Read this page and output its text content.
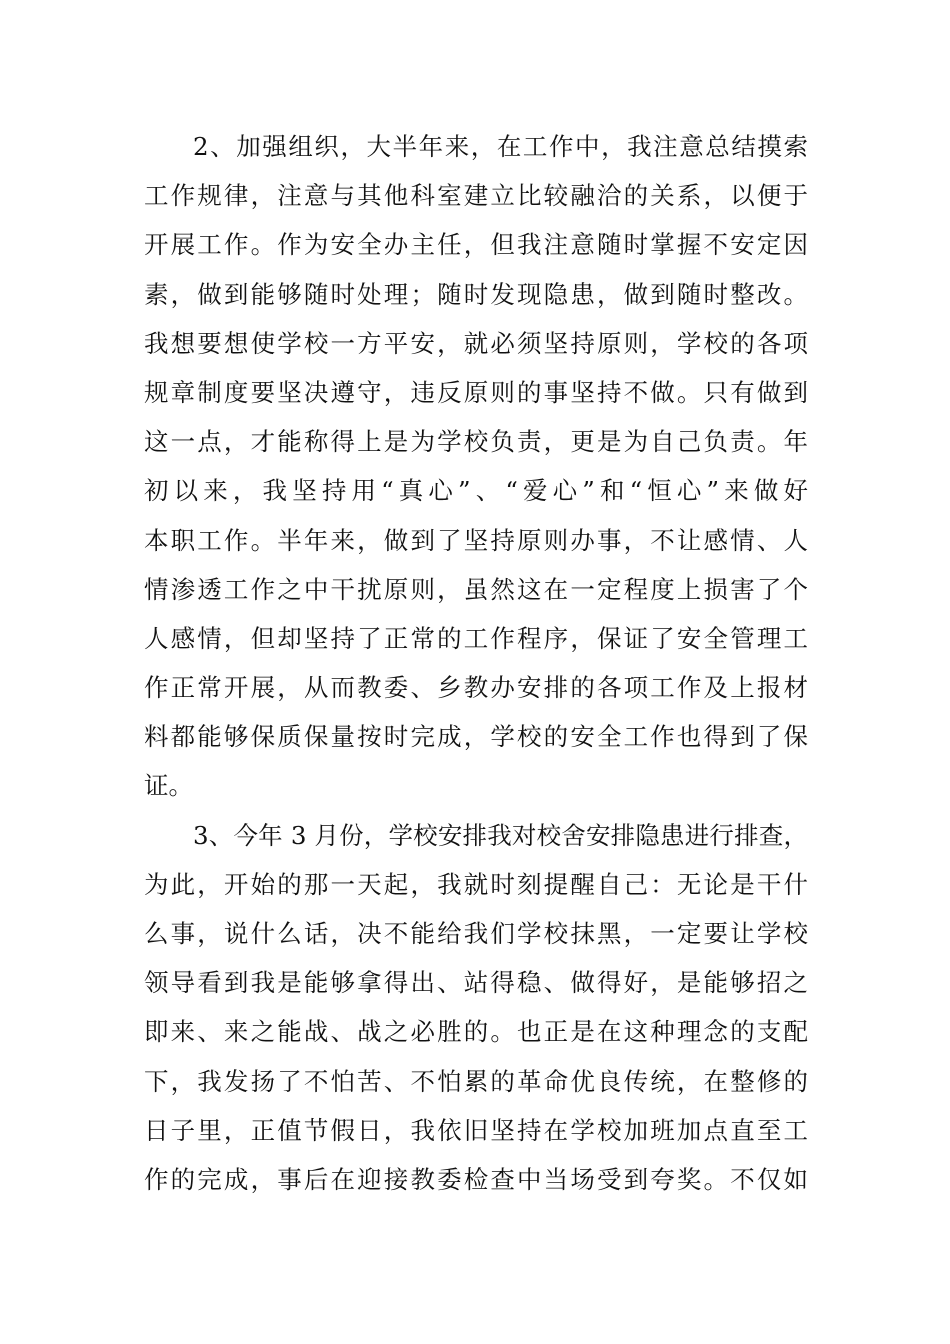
2、加强组织，大半年来，在工作中，我注意总结摸索
工作规律，注意与其他科室建立比较融洽的关系，以便于
开展工作。作为安全办主任，但我注意随时掌握不安定因
素，做到能够随时处理；随时发现隐患，做到随时整改。
我想要想使学校一方平安，就必须坚持原则，学校的各项
规章制度要坚决遵守，违反原则的事坚持不做。只有做到
这一点，才能称得上是为学校负责，更是为自己负责。年
初以来，我坚持用“真心”、“爱心”和“恒心”来做好
本职工作。半年来，做到了坚持原则办事，不让感情、人
情渗透工作之中干扰原则，虽然这在一定程度上损害了个
人感情，但却坚持了正常的工作程序，保证了安全管理工
作正常开展，从而教委、乡教办安排的各项工作及上报材
料都能够保质保量按时完成，学校的安全工作也得到了保
证。
3、今年 3 月份，学校安排我对校舍安排隐患进行排查，
为此，开始的那一天起，我就时刻提醒自己：无论是干什
么事，说什么话，决不能给我们学校抹黑，一定要让学校
领导看到我是能够拿得出、站得稳、做得好，是能够招之
即来、来之能战、战之必胜的。也正是在这种理念的支配
下，我发扬了不怕苦、不怕累的革命优良传统，在整修的
日子里，正值节假日，我依旧坚持在学校加班加点直至工
作的完成，事后在迎接教委检查中当场受到夸奖。不仅如
